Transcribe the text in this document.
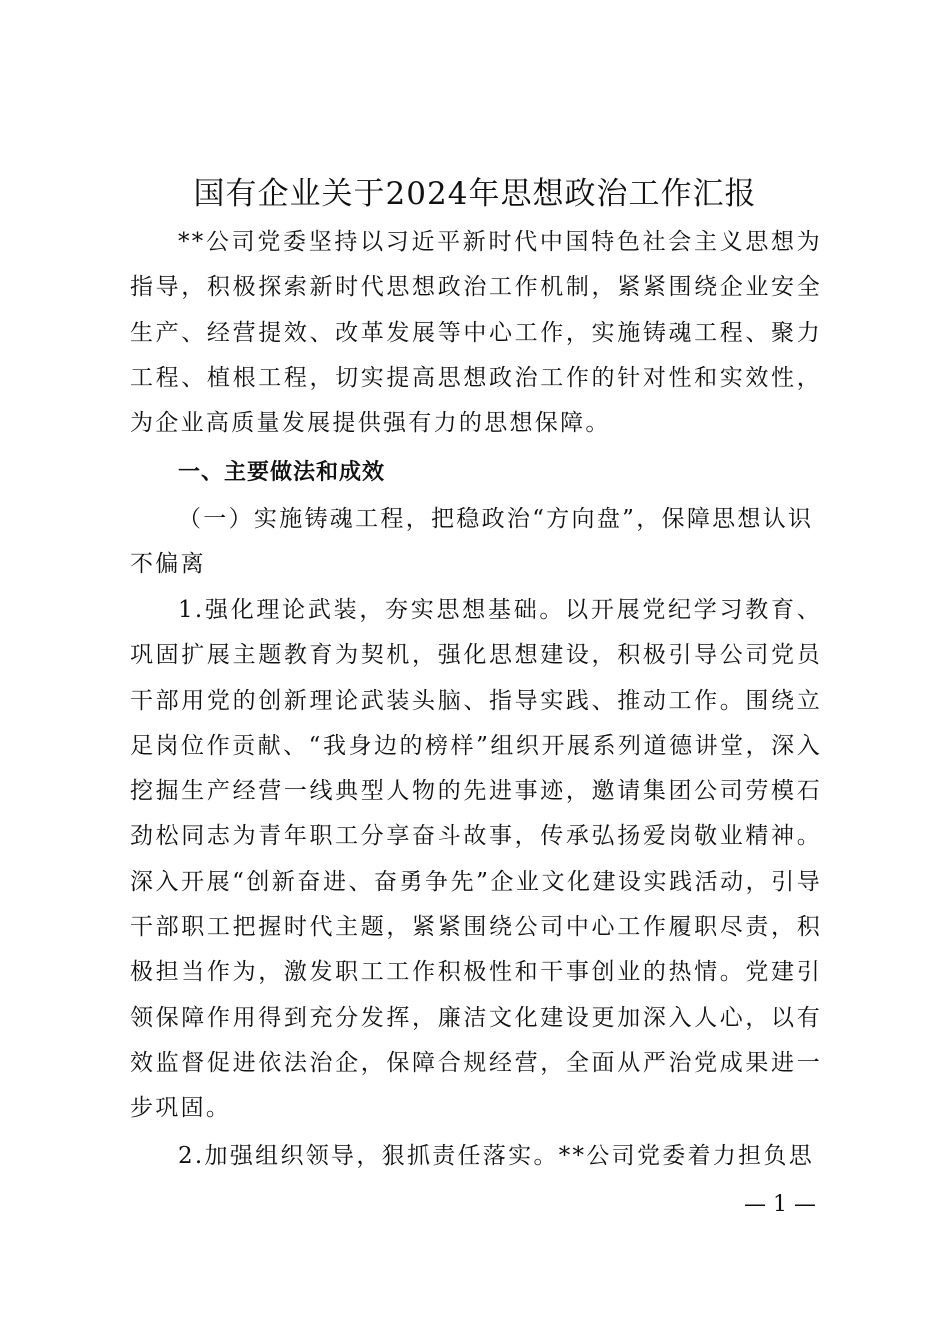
国有企业关于2024年思想政治工作汇报

**公司党委坚持以习近平新时代中国特色社会主义思想为指导，积极探索新时代思想政治工作机制，紧紧围绕企业安全生产、经营提效、改革发展等中心工作，实施铸魂工程、聚力工程、植根工程，切实提高思想政治工作的针对性和实效性，为企业高质量发展提供强有力的思想保障。

一、主要做法和成效

（一）实施铸魂工程，把稳政治“方向盘”，保障思想认识不偏离

1.强化理论武装，夯实思想基础。以开展党纪学习教育、巩固扩展主题教育为契机，强化思想建设，积极引导公司党员干部用党的创新理论武装头脑、指导实践、推动工作。围绕立足岗位作贡献、“我身边的榜样”组织开展系列道德讲堂，深入挖掘生产经营一线典型人物的先进事迹，邀请集团公司劳模石劲松同志为青年职工分享奋斗故事，传承弘扬爱岗敬业精神。深入开展“创新奋进、奋勇争先”企业文化建设实践活动，引导干部职工把握时代主题，紧紧围绕公司中心工作履职尽责，积极担当作为，激发职工工作积极性和干事创业的热情。党建引领保障作用得到充分发挥，廉洁文化建设更加深入人心，以有效监督促进依法治企，保障合规经营，全面从严治党成果进一步巩固。

2.加强组织领导，狠抓责任落实。**公司党委着力担负思

— 1 —
